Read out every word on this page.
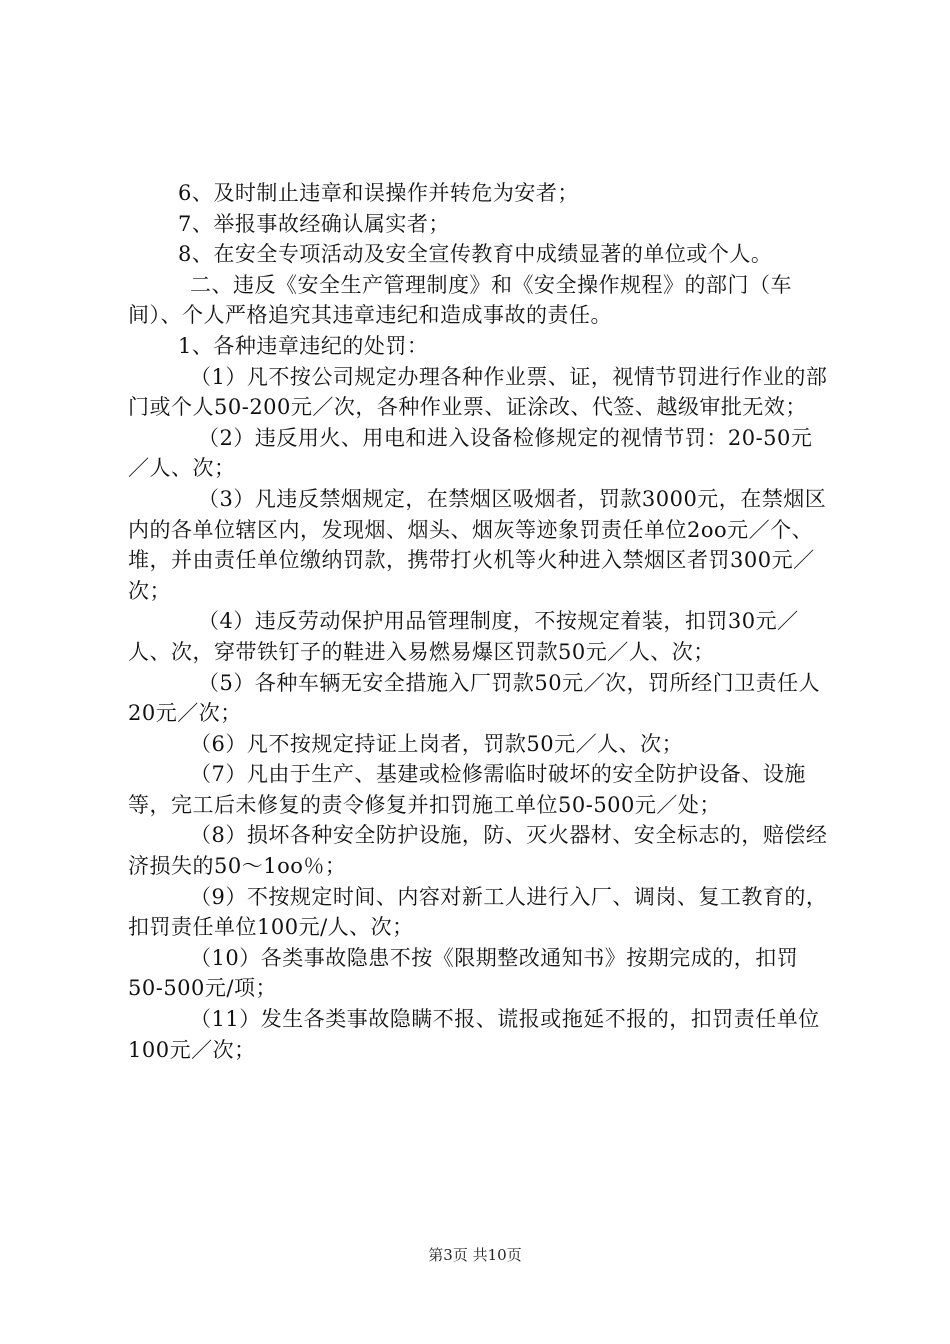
6、及时制止违章和误操作并转危为安者；

7、举报事故经确认属实者；

8、在安全专项活动及安全宣传教育中成绩显著的单位或个人。

二、违反《安全生产管理制度》和《安全操作规程》的部门（车间）、个人严格追究其违章违纪和造成事故的责任。

1、各种违章违纪的处罚：

（1）凡不按公司规定办理各种作业票、证，视情节罚进行作业的部门或个人50-200元／次，各种作业票、证涂改、代签、越级审批无效；

（2）违反用火、用电和进入设备检修规定的视情节罚：20-50元／人、次；

（3）凡违反禁烟规定，在禁烟区吸烟者，罚款3000元，在禁烟区内的各单位辖区内，发现烟、烟头、烟灰等迹象罚责任单位2oo元／个、堆，并由责任单位缴纳罚款，携带打火机等火种进入禁烟区者罚300元／次；

（4）违反劳动保护用品管理制度，不按规定着装，扣罚30元／人、次，穿带铁钉子的鞋进入易燃易爆区罚款50元／人、次；

（5）各种车辆无安全措施入厂罚款50元／次，罚所经门卫责任人20元／次；

（6）凡不按规定持证上岗者，罚款50元／人、次；

（7）凡由于生产、基建或检修需临时破坏的安全防护设备、设施等，完工后未修复的责令修复并扣罚施工单位50-500元／处；

（8）损坏各种安全防护设施，防、灭火器材、安全标志的，赔偿经济损失的50～1oo％；

（9）不按规定时间、内容对新工人进行入厂、调岗、复工教育的，扣罚责任单位100元/人、次；

（10）各类事故隐患不按《限期整改通知书》按期完成的，扣罚50-500元/项；

（11）发生各类事故隐瞒不报、谎报或拖延不报的，扣罚责任单位100元／次；

第3页 共10页
